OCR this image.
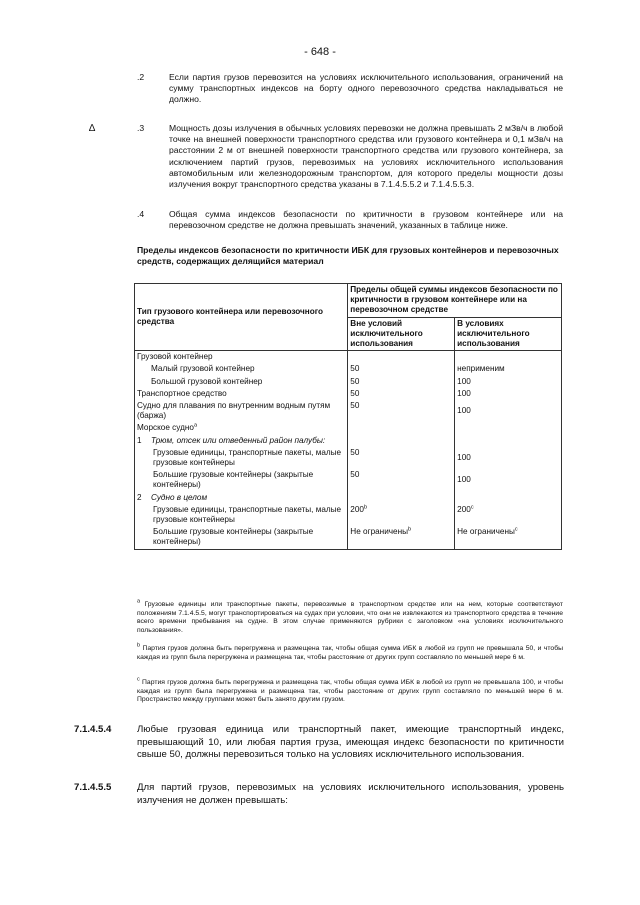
- 648 -
.2	Если партия грузов перевозится на условиях исключительного использования, ограничений на сумму транспортных индексов на борту одного перевозочного средства накладываться не должно.
∆	.3	Мощность дозы излучения в обычных условиях перевозки не должна превышать 2 мЗв/ч в любой точке на внешней поверхности транспортного средства или грузового контейнера и 0,1 мЗв/ч на расстоянии 2 м от внешней поверхности транспортного средства или грузового контейнера, за исключением партий грузов, перевозимых на условиях исключительного использования автомобильным или железнодорожным транспортом, для которого пределы мощности дозы излучения вокруг транспортного средства указаны в 7.1.4.5.5.2 и 7.1.4.5.5.3.
.4	Общая сумма индексов безопасности по критичности в грузовом контейнере или на перевозочном средстве не должна превышать значений, указанных в таблице ниже.
Пределы индексов безопасности по критичности ИБК для грузовых контейнеров и перевозочных средств, содержащих делящийся материал
Тип грузового контейнера или перевозочного средства	Пределы общей суммы индексов безопасности по критичности в грузовом контейнере или на перевозочном средстве	
	Вне условий исключительного использования	В условиях исключительного использования
Грузовой контейнер		
Малый грузовой контейнер	50	неприменим
Большой грузовой контейнер	50	100
Транспортное средство	50	100
Судно для плавания по внутренним водным путям (баржа)	50	100
Морское судно$^a$		
1 Трюм, отсек или отведенный район палубы:		
Грузовые единицы, транспортные пакеты, малые грузовые контейнеры	50	100
Большие грузовые контейнеры (закрытые контейнеры)	50	100
2 Судно в целом		
Грузовые единицы, транспортные пакеты, малые грузовые контейнеры	200$^b$	200$^c$
Большие грузовые контейнеры (закрытые контейнеры)	Не ограничены$^b$	Не ограничены$^c$
$^a$ Грузовые единицы или транспортные пакеты, перевозимые в транспортном средстве или на нем, которые соответствуют положениям 7.1.4.5.5, могут транспортироваться на судах при условии, что они не извлекаются из транспортного средства в течение всего времени пребывания на судне. В этом случае применяются рубрики с заголовком «на условиях исключительного пользования».
$^b$ Партия грузов должна быть перегружена и размещена так, чтобы общая сумма ИБК в любой из групп не превышала 50, и чтобы каждая из групп была перегружена и размещена так, чтобы расстояние от других групп составляло по меньшей мере 6 м.
$^c$ Партия грузов должна быть перегружена и размещена так, чтобы общая сумма ИБК в любой из групп не превышала 100, и чтобы каждая из групп была перегружена и размещена так, чтобы расстояние от других групп составляло по меньшей мере 6 м. Пространство между группами может быть занято другим грузом.
7.1.4.5.4	Любые грузовая единица или транспортный пакет, имеющие транспортный индекс, превышающий 10, или любая партия груза, имеющая индекс безопасности по критичности свыше 50, должны перевозиться только на условиях исключительного использования.
7.1.4.5.5	Для партий грузов, перевозимых на условиях исключительного использования, уровень излучения не должен превышать:
